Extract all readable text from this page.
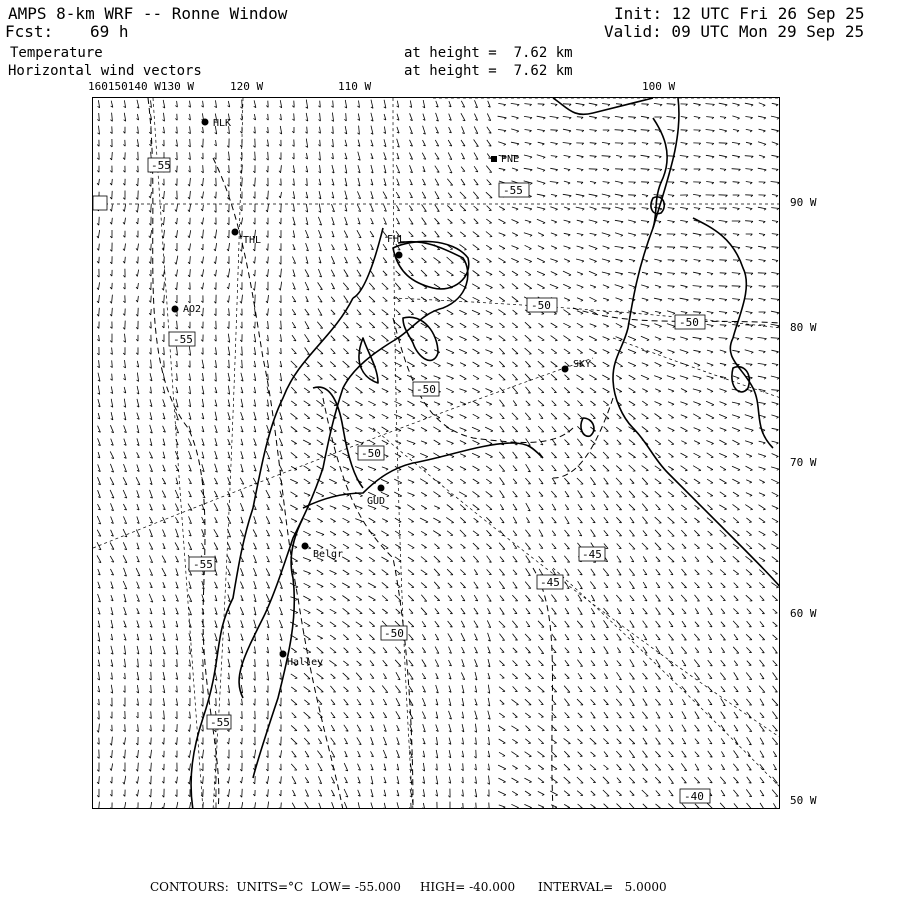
AMPS 8-km WRF -- Ronne Window
Fcst: 69 h
Init: 12 UTC Fri 26 Sep 25
Valid: 09 UTC Mon 29 Sep 25
Temperature
Horizontal wind vectors
at height =  7.62 km
at height =  7.62 km
160150140 W130 W	120 W	110 W	100 W
90 W
80 W
70 W
60 W
50 W
HLK
PNE
THL	FHL
AO2
SKY
GUD
Belgr
Halley
-55
-55
-55
-55
-55
-50
-50
-50
-50
-50
-45
-45
-40
CONTOURS:  UNITS=°C  LOW= -55.000     HIGH= -40.000      INTERVAL=   5.0000
